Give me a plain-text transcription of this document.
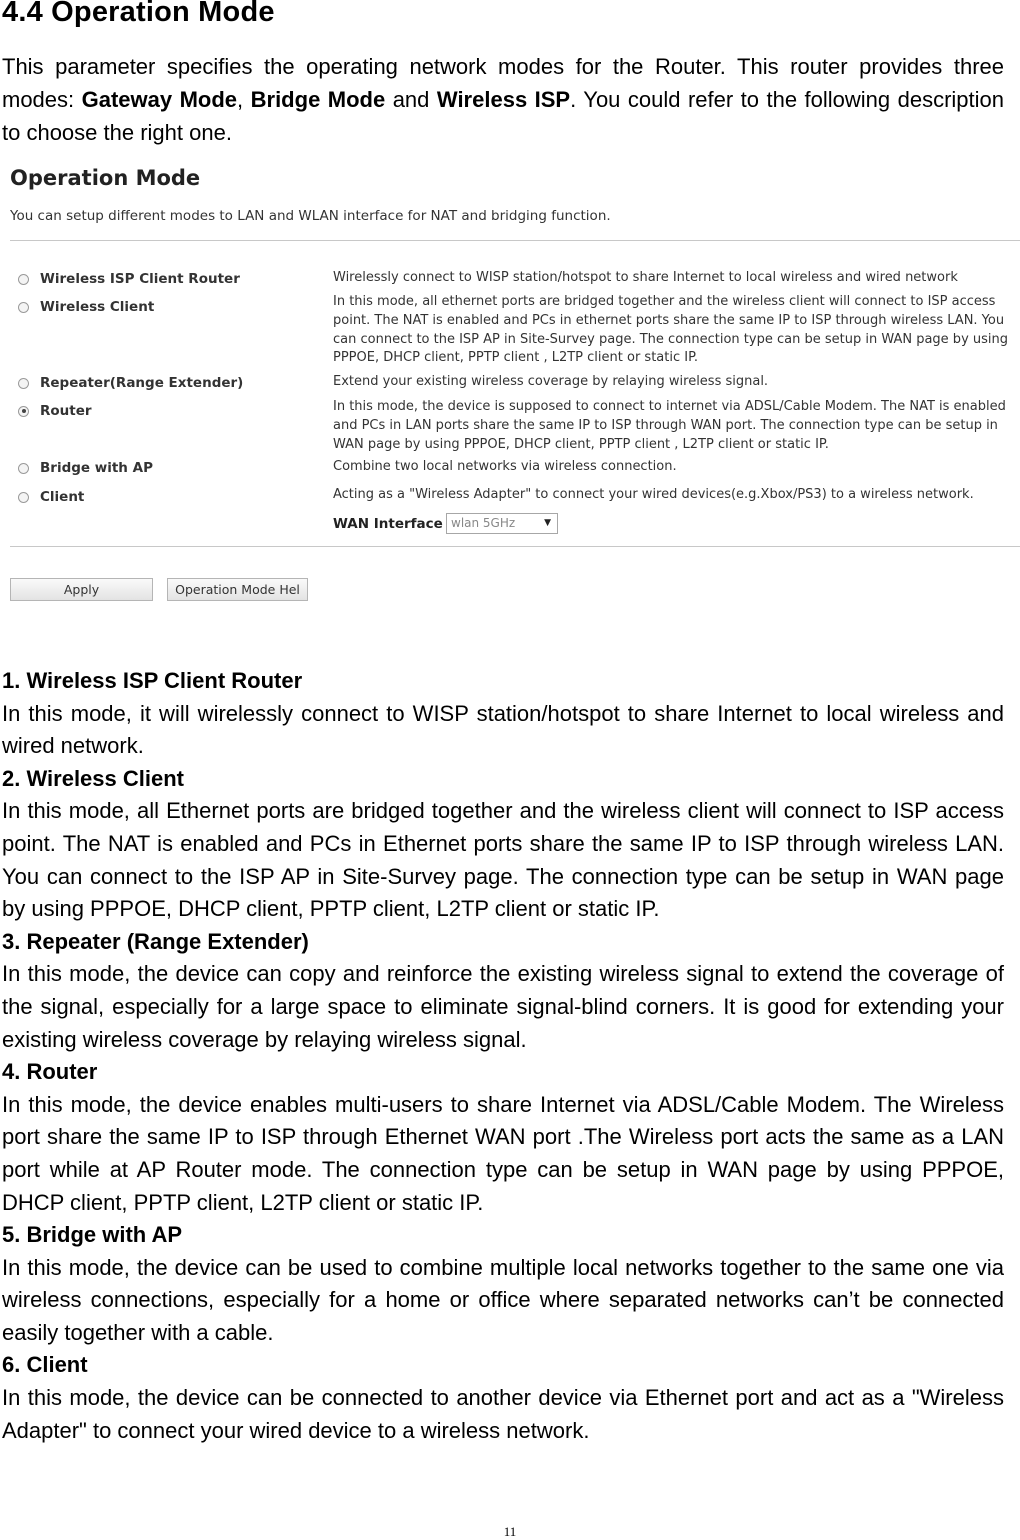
4.4 Operation Mode
This parameter specifies the operating network modes for the Router. This router provides three modes: Gateway Mode, Bridge Mode and Wireless ISP. You could refer to the following description to choose the right one.
Operation Mode
You can setup different modes to LAN and WLAN interface for NAT and bridging function.
Wireless ISP Client Router
Wireless Client
Repeater(Range Extender)
Router
Bridge with AP
Client
Wirelessly connect to WISP station/hotspot to share Internet to local wireless and wired network
In this mode, all ethernet ports are bridged together and the wireless client will connect to ISP access point. The NAT is enabled and PCs in ethernet ports share the same IP to ISP through wireless LAN. You can connect to the ISP AP in Site-Survey page. The connection type can be setup in WAN page by using PPPOE, DHCP client, PPTP client , L2TP client or static IP.
Extend your existing wireless coverage by relaying wireless signal.
In this mode, the device is supposed to connect to internet via ADSL/Cable Modem. The NAT is enabled and PCs in LAN ports share the same IP to ISP through WAN port. The connection type can be setup in WAN page by using PPPOE, DHCP client, PPTP client , L2TP client or static IP.
Combine two local networks via wireless connection.
Acting as a "Wireless Adapter" to connect your wired devices(e.g.Xbox/PS3) to a wireless network.
WAN Interface wlan 5GHz	▼
Apply	Operation Mode Hel
1. Wireless ISP Client Router
In this mode, it will wirelessly connect to WISP station/hotspot to share Internet to local wireless and wired network.
2. Wireless Client
In this mode, all Ethernet ports are bridged together and the wireless client will connect to ISP access point. The NAT is enabled and PCs in Ethernet ports share the same IP to ISP through wireless LAN. You can connect to the ISP AP in Site-Survey page. The connection type can be setup in WAN page by using PPPOE, DHCP client, PPTP client, L2TP client or static IP.
3. Repeater (Range Extender)
In this mode, the device can copy and reinforce the existing wireless signal to extend the coverage of the signal, especially for a large space to eliminate signal-blind corners. It is good for extending your existing wireless coverage by relaying wireless signal.
4. Router
In this mode, the device enables multi-users to share Internet via ADSL/Cable Modem. The Wireless port share the same IP to ISP through Ethernet WAN port .The Wireless port acts the same as a LAN port while at AP Router mode. The connection type can be setup in WAN page by using PPPOE, DHCP client, PPTP client, L2TP client or static IP.
5. Bridge with AP
In this mode, the device can be used to combine multiple local networks together to the same one via wireless connections, especially for a home or office where separated networks can’t be connected easily together with a cable.
6. Client
In this mode, the device can be connected to another device via Ethernet port and act as a "Wireless Adapter" to connect your wired device to a wireless network.
11
